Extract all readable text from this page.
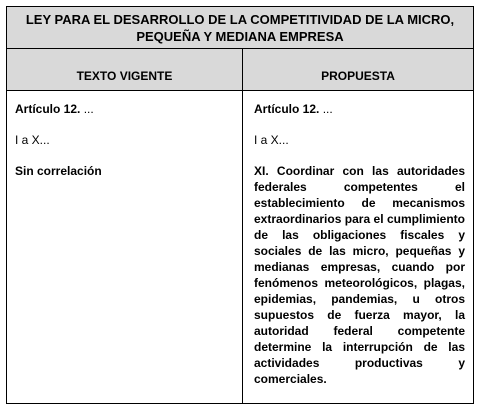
LEY PARA EL DESARROLLO DE LA COMPETITIVIDAD DE LA MICRO,
PEQUEÑA Y MEDIANA EMPRESA
TEXTO VIGENTE	PROPUESTA

Artículo 12. ...

I a X...

Sin correlación

Artículo 12. ...

I a X...

XI. Coordinar con las autoridades federales competentes el establecimiento de mecanismos extraordinarios para el cumplimiento de las obligaciones fiscales y sociales de las micro, pequeñas y medianas empresas, cuando por fenómenos meteorológicos, plagas, epidemias, pandemias, u otros supuestos de fuerza mayor, la autoridad federal competente determine la interrupción de las actividades productivas y comerciales.
